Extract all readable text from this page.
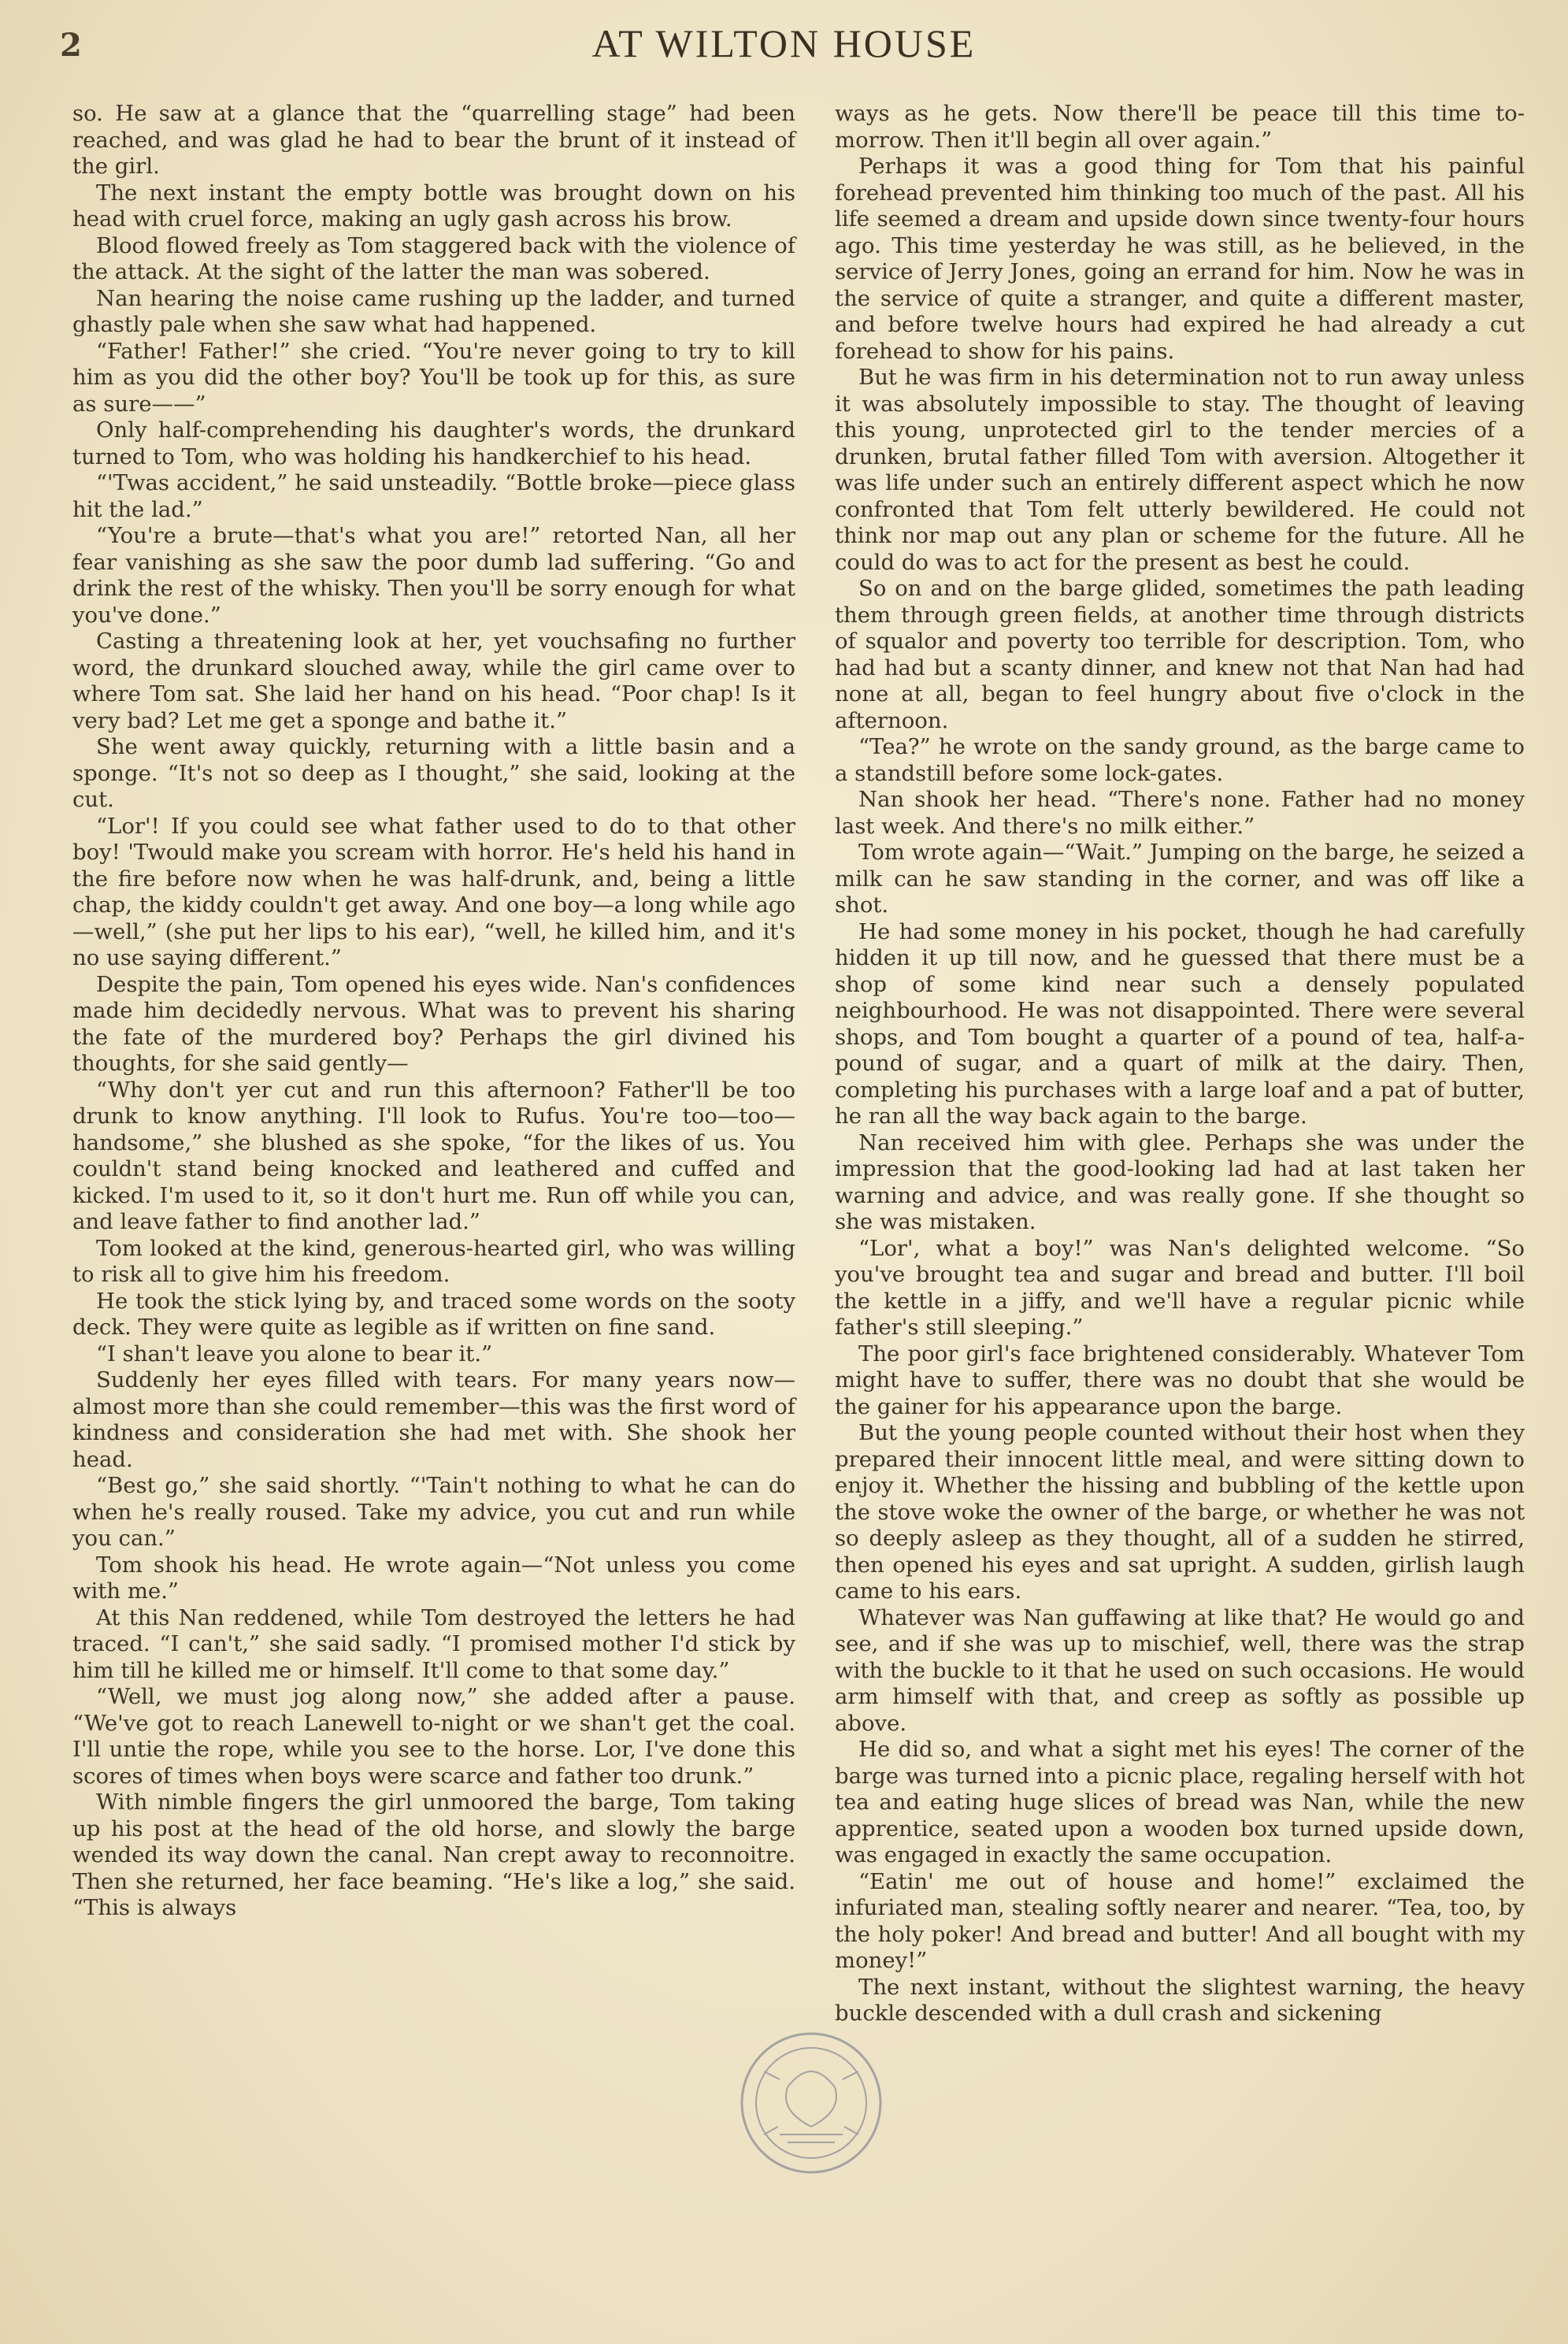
2	AT WILTON HOUSE

so. He saw at a glance that the “quarrelling stage” had been reached, and was glad he had to bear the brunt of it instead of the girl.

The next instant the empty bottle was brought down on his head with cruel force, making an ugly gash across his brow.

Blood flowed freely as Tom staggered back with the violence of the attack. At the sight of the latter the man was sobered.

Nan hearing the noise came rushing up the ladder, and turned ghastly pale when she saw what had happened.

“Father! Father!” she cried. “You're never going to try to kill him as you did the other boy? You'll be took up for this, as sure as sure——”

Only half-comprehending his daughter's words, the drunkard turned to Tom, who was holding his handkerchief to his head.

“'Twas accident,” he said unsteadily. “Bottle broke—piece glass hit the lad.”

“You're a brute—that's what you are!” retorted Nan, all her fear vanishing as she saw the poor dumb lad suffering. “Go and drink the rest of the whisky. Then you'll be sorry enough for what you've done.”

Casting a threatening look at her, yet vouchsafing no further word, the drunkard slouched away, while the girl came over to where Tom sat. She laid her hand on his head. “Poor chap! Is it very bad? Let me get a sponge and bathe it.”

She went away quickly, returning with a little basin and a sponge. “It's not so deep as I thought,” she said, looking at the cut.

“Lor'! If you could see what father used to do to that other boy! 'Twould make you scream with horror. He's held his hand in the fire before now when he was half-drunk, and, being a little chap, the kiddy couldn't get away. And one boy—a long while ago—well,” (she put her lips to his ear), “well, he killed him, and it's no use saying different.”

Despite the pain, Tom opened his eyes wide. Nan's confidences made him decidedly nervous. What was to prevent his sharing the fate of the murdered boy? Perhaps the girl divined his thoughts, for she said gently—

“Why don't yer cut and run this afternoon? Father'll be too drunk to know anything. I'll look to Rufus. You're too—too—handsome,” she blushed as she spoke, “for the likes of us. You couldn't stand being knocked and leathered and cuffed and kicked. I'm used to it, so it don't hurt me. Run off while you can, and leave father to find another lad.”

Tom looked at the kind, generous-hearted girl, who was willing to risk all to give him his freedom.

He took the stick lying by, and traced some words on the sooty deck. They were quite as legible as if written on fine sand.

“I shan't leave you alone to bear it.”

Suddenly her eyes filled with tears. For many years now—almost more than she could remember—this was the first word of kindness and consideration she had met with. She shook her head.

“Best go,” she said shortly. “'Tain't nothing to what he can do when he's really roused. Take my advice, you cut and run while you can.”

Tom shook his head. He wrote again—“Not unless you come with me.”

At this Nan reddened, while Tom destroyed the letters he had traced. “I can't,” she said sadly. “I promised mother I'd stick by him till he killed me or himself. It'll come to that some day.”

“Well, we must jog along now,” she added after a pause. “We've got to reach Lanewell to-night or we shan't get the coal. I'll untie the rope, while you see to the horse. Lor, I've done this scores of times when boys were scarce and father too drunk.”

With nimble fingers the girl unmoored the barge, Tom taking up his post at the head of the old horse, and slowly the barge wended its way down the canal. Nan crept away to reconnoitre. Then she returned, her face beaming. “He's like a log,” she said. “This is always

ways as he gets. Now there'll be peace till this time to-morrow. Then it'll begin all over again.”

Perhaps it was a good thing for Tom that his painful forehead prevented him thinking too much of the past. All his life seemed a dream and upside down since twenty-four hours ago. This time yesterday he was still, as he believed, in the service of Jerry Jones, going an errand for him. Now he was in the service of quite a stranger, and quite a different master, and before twelve hours had expired he had already a cut forehead to show for his pains.

But he was firm in his determination not to run away unless it was absolutely impossible to stay. The thought of leaving this young, unprotected girl to the tender mercies of a drunken, brutal father filled Tom with aversion. Altogether it was life under such an entirely different aspect which he now confronted that Tom felt utterly bewildered. He could not think nor map out any plan or scheme for the future. All he could do was to act for the present as best he could.

So on and on the barge glided, sometimes the path leading them through green fields, at another time through districts of squalor and poverty too terrible for description. Tom, who had had but a scanty dinner, and knew not that Nan had had none at all, began to feel hungry about five o'clock in the afternoon.

“Tea?” he wrote on the sandy ground, as the barge came to a standstill before some lock-gates.

Nan shook her head. “There's none. Father had no money last week. And there's no milk either.”

Tom wrote again—“Wait.” Jumping on the barge, he seized a milk can he saw standing in the corner, and was off like a shot.

He had some money in his pocket, though he had carefully hidden it up till now, and he guessed that there must be a shop of some kind near such a densely populated neighbourhood. He was not disappointed. There were several shops, and Tom bought a quarter of a pound of tea, half-a-pound of sugar, and a quart of milk at the dairy. Then, completing his purchases with a large loaf and a pat of butter, he ran all the way back again to the barge.

Nan received him with glee. Perhaps she was under the impression that the good-looking lad had at last taken her warning and advice, and was really gone. If she thought so she was mistaken.

“Lor', what a boy!” was Nan's delighted welcome. “So you've brought tea and sugar and bread and butter. I'll boil the kettle in a jiffy, and we'll have a regular picnic while father's still sleeping.”

The poor girl's face brightened considerably. Whatever Tom might have to suffer, there was no doubt that she would be the gainer for his appearance upon the barge.

But the young people counted without their host when they prepared their innocent little meal, and were sitting down to enjoy it. Whether the hissing and bubbling of the kettle upon the stove woke the owner of the barge, or whether he was not so deeply asleep as they thought, all of a sudden he stirred, then opened his eyes and sat upright. A sudden, girlish laugh came to his ears.

Whatever was Nan guffawing at like that? He would go and see, and if she was up to mischief, well, there was the strap with the buckle to it that he used on such occasions. He would arm himself with that, and creep as softly as possible up above.

He did so, and what a sight met his eyes! The corner of the barge was turned into a picnic place, regaling herself with hot tea and eating huge slices of bread was Nan, while the new apprentice, seated upon a wooden box turned upside down, was engaged in exactly the same occupation.

“Eatin' me out of house and home!” exclaimed the infuriated man, stealing softly nearer and nearer. “Tea, too, by the holy poker! And bread and butter! And all bought with my money!”

The next instant, without the slightest warning, the heavy buckle descended with a dull crash and sickening
